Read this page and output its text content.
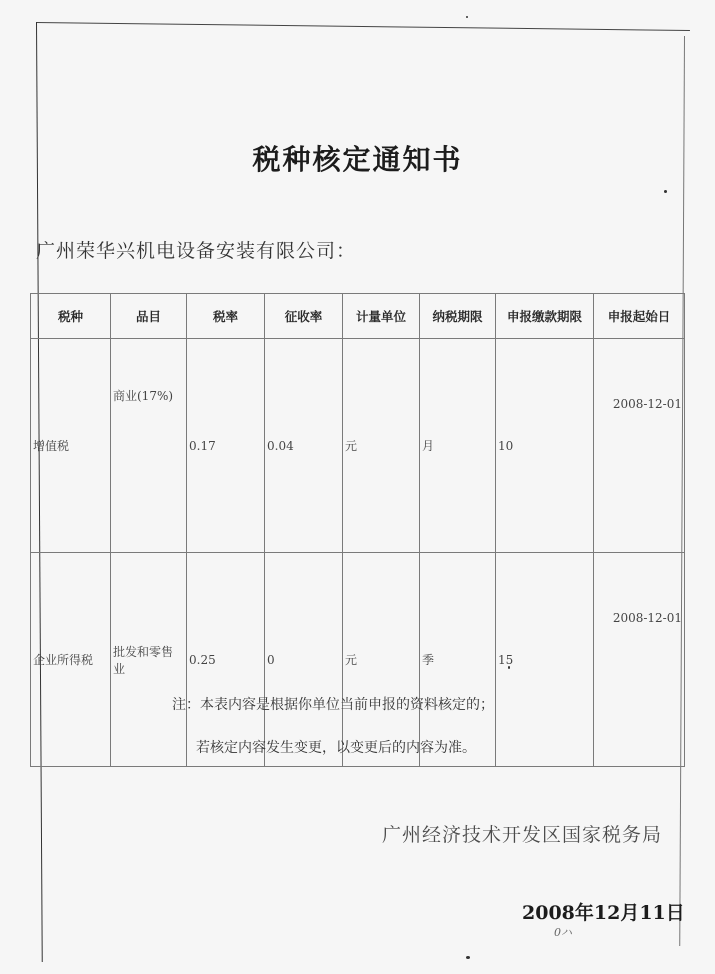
税种核定通知书
广州荣华兴机电设备安装有限公司：
税种	品目	税率	征收率	计量单位	纳税期限	申报缴款期限	申报起始日
增值税	商业(17%)	0.17	0.04	元	月	10	2008-12-01
企业所得税	批发和零售业	0.25	0	元	季	15	2008-12-01
注：本表内容是根据你单位当前申报的资料核定的；
若核定内容发生变更，以变更后的内容为准。
广州经济技术开发区国家税务局
2008年12月11日
0ハ
